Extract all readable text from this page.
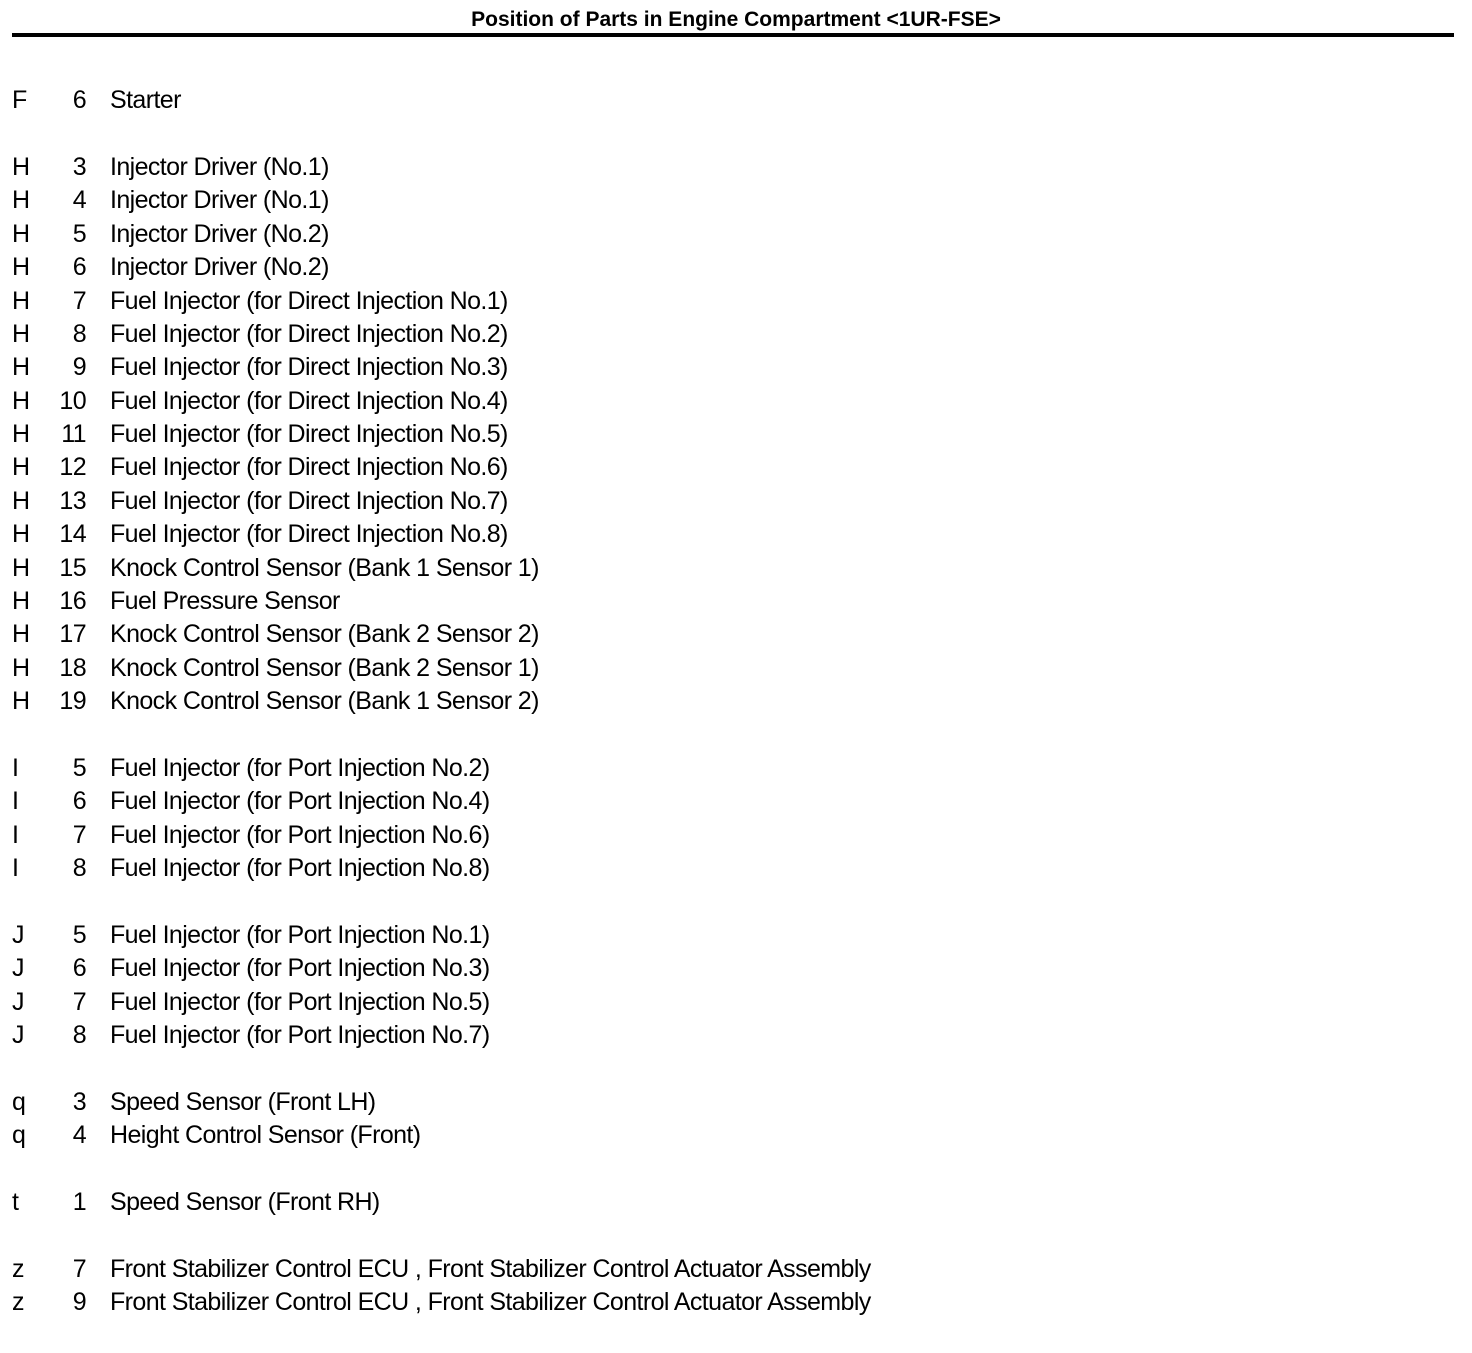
Position of Parts in Engine Compartment <1UR-FSE>
F	6 Starter
H	3 Injector Driver (No.1)
H	4 Injector Driver (No.1)
H	5 Injector Driver (No.2)
H	6 Injector Driver (No.2)
H	7 Fuel Injector (for Direct Injection No.1)
H	8 Fuel Injector (for Direct Injection No.2)
H	9 Fuel Injector (for Direct Injection No.3)
H	10 Fuel Injector (for Direct Injection No.4)
H	11 Fuel Injector (for Direct Injection No.5)
H	12 Fuel Injector (for Direct Injection No.6)
H	13 Fuel Injector (for Direct Injection No.7)
H	14 Fuel Injector (for Direct Injection No.8)
H	15 Knock Control Sensor (Bank 1 Sensor 1)
H	16 Fuel Pressure Sensor
H	17 Knock Control Sensor (Bank 2 Sensor 2)
H	18 Knock Control Sensor (Bank 2 Sensor 1)
H	19 Knock Control Sensor (Bank 1 Sensor 2)
I	5 Fuel Injector (for Port Injection No.2)
I	6 Fuel Injector (for Port Injection No.4)
I	7 Fuel Injector (for Port Injection No.6)
I	8 Fuel Injector (for Port Injection No.8)
J	5 Fuel Injector (for Port Injection No.1)
J	6 Fuel Injector (for Port Injection No.3)
J	7 Fuel Injector (for Port Injection No.5)
J	8 Fuel Injector (for Port Injection No.7)
q	3 Speed Sensor (Front LH)
q	4 Height Control Sensor (Front)
t	1 Speed Sensor (Front RH)
z	7 Front Stabilizer Control ECU , Front Stabilizer Control Actuator Assembly
z	9 Front Stabilizer Control ECU , Front Stabilizer Control Actuator Assembly
